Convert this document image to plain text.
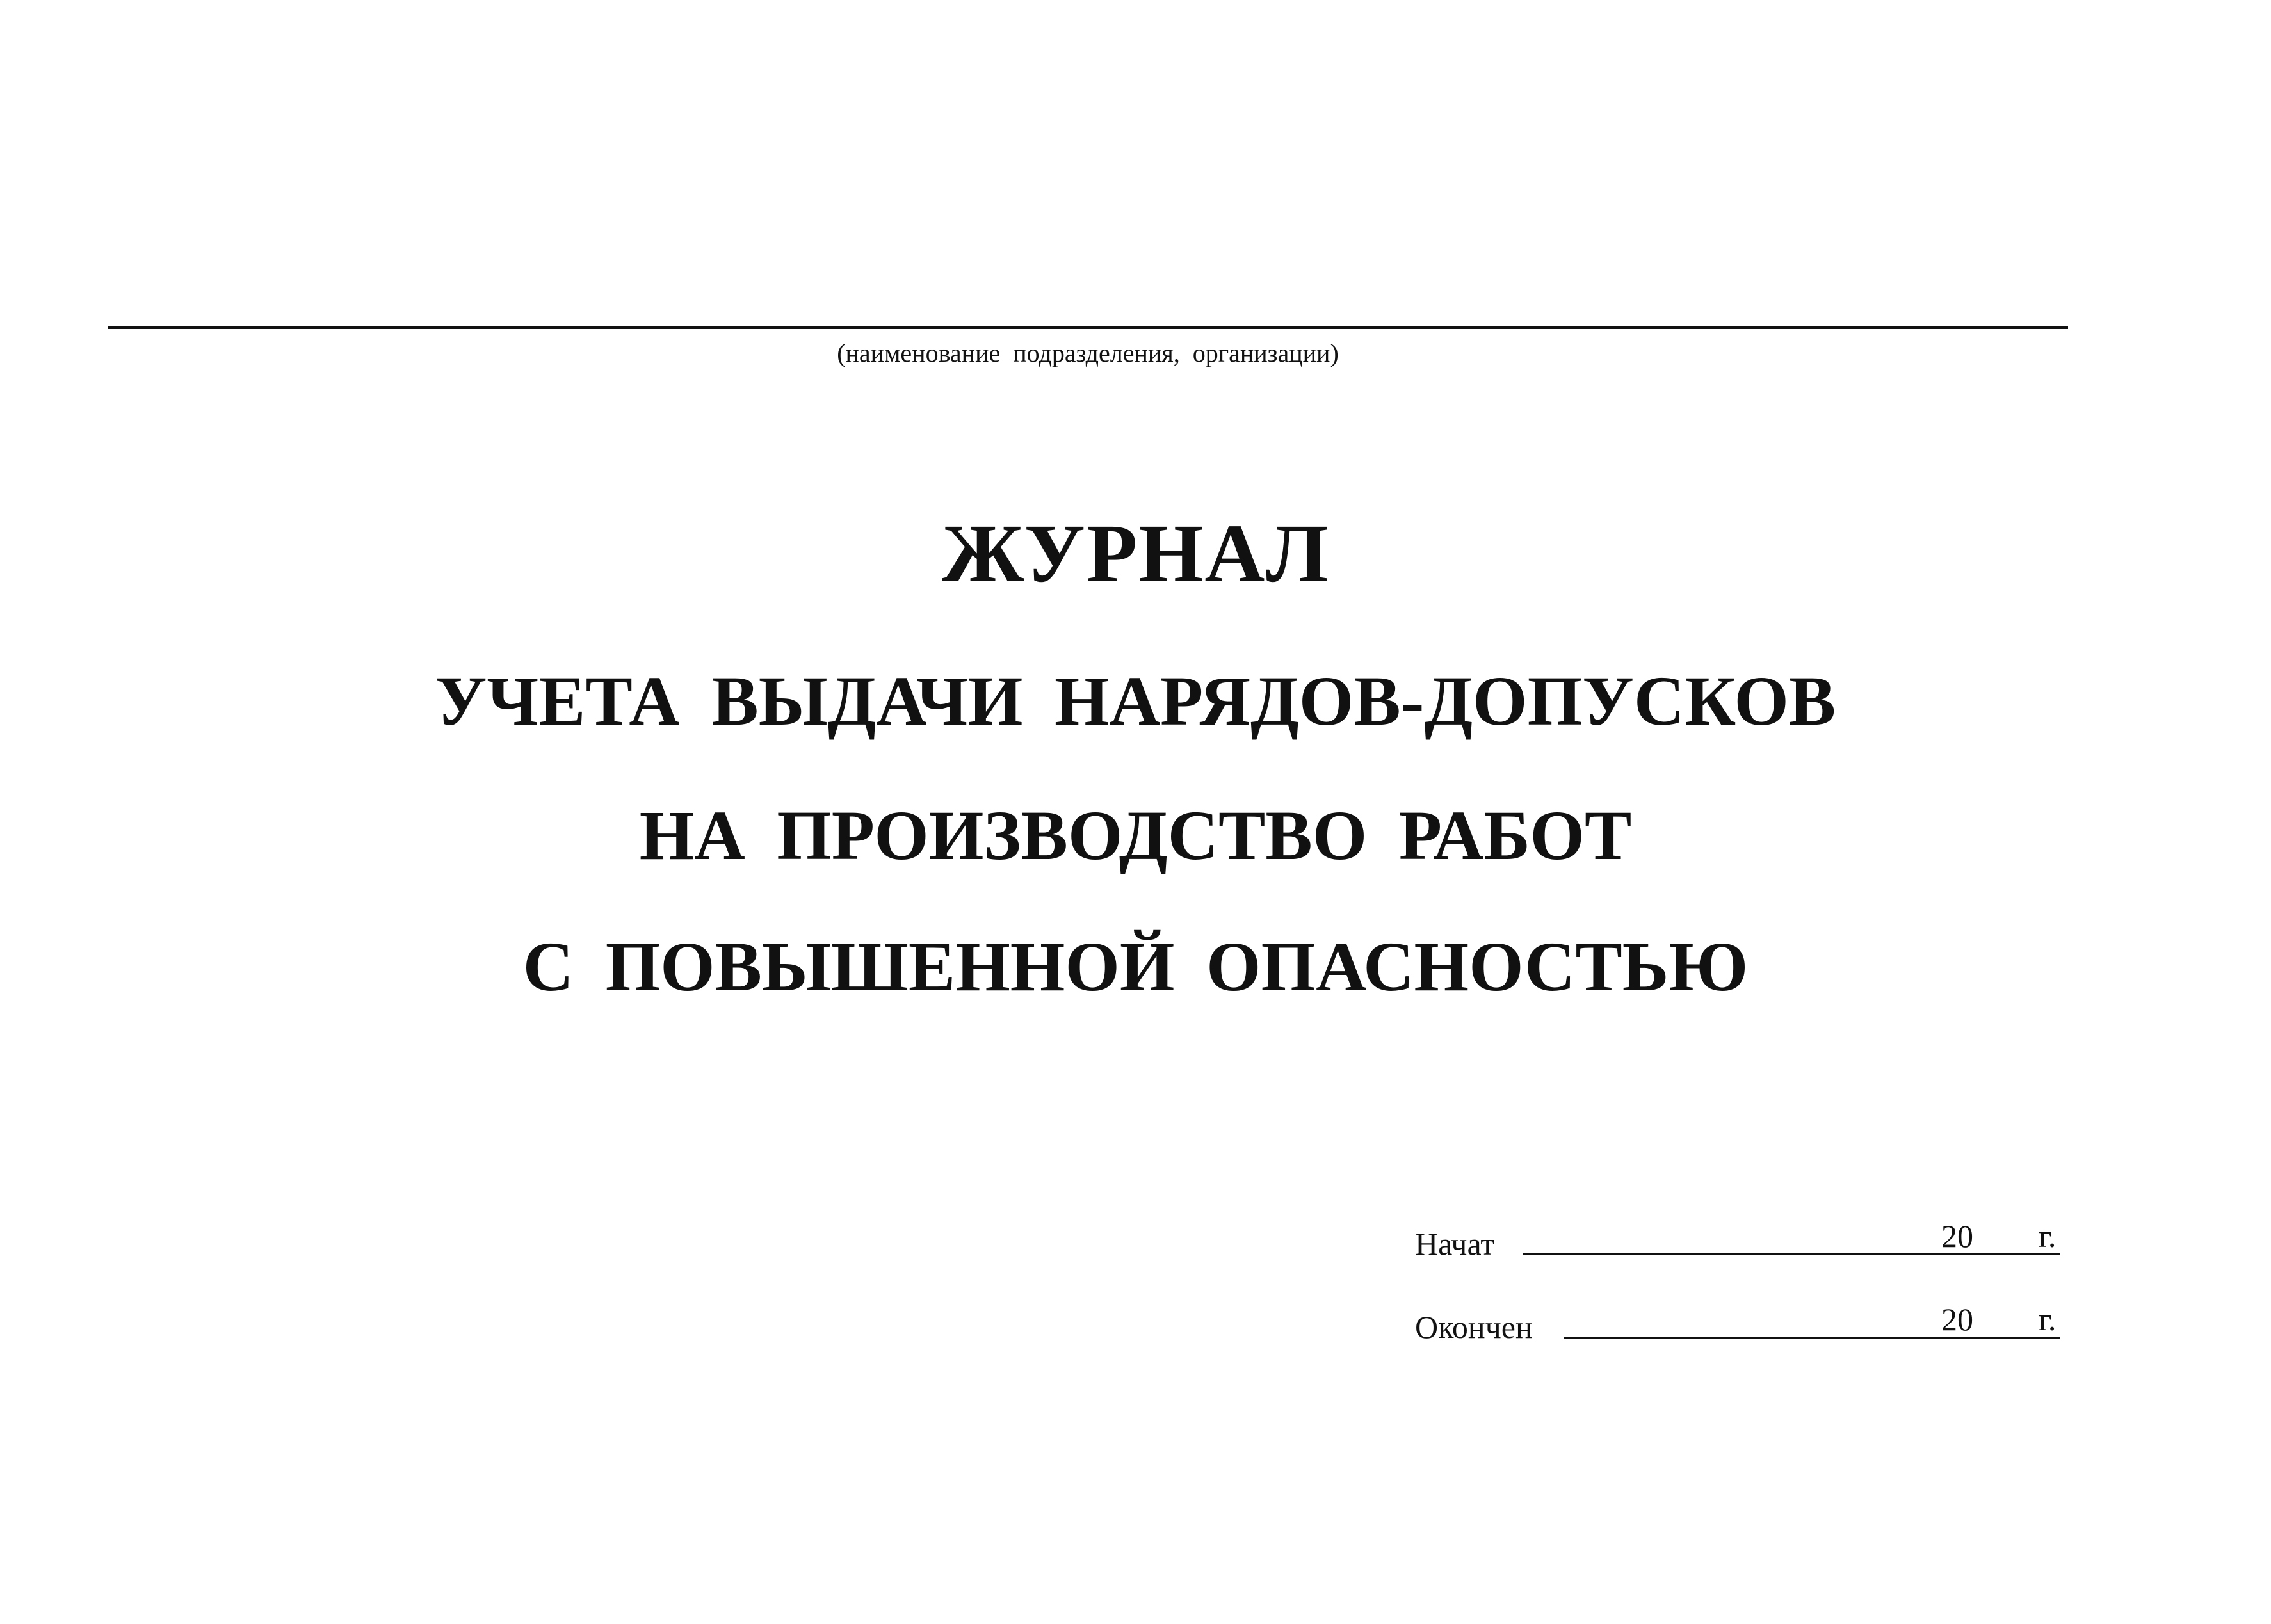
(наименование подразделения, организации)
ЖУРНАЛ
УЧЕТА ВЫДАЧИ НАРЯДОВ-ДОПУСКОВ
НА ПРОИЗВОДСТВО РАБОТ
С ПОВЫШЕННОЙ ОПАСНОСТЬЮ
Начат	20 г.
Окончен	20 г.
